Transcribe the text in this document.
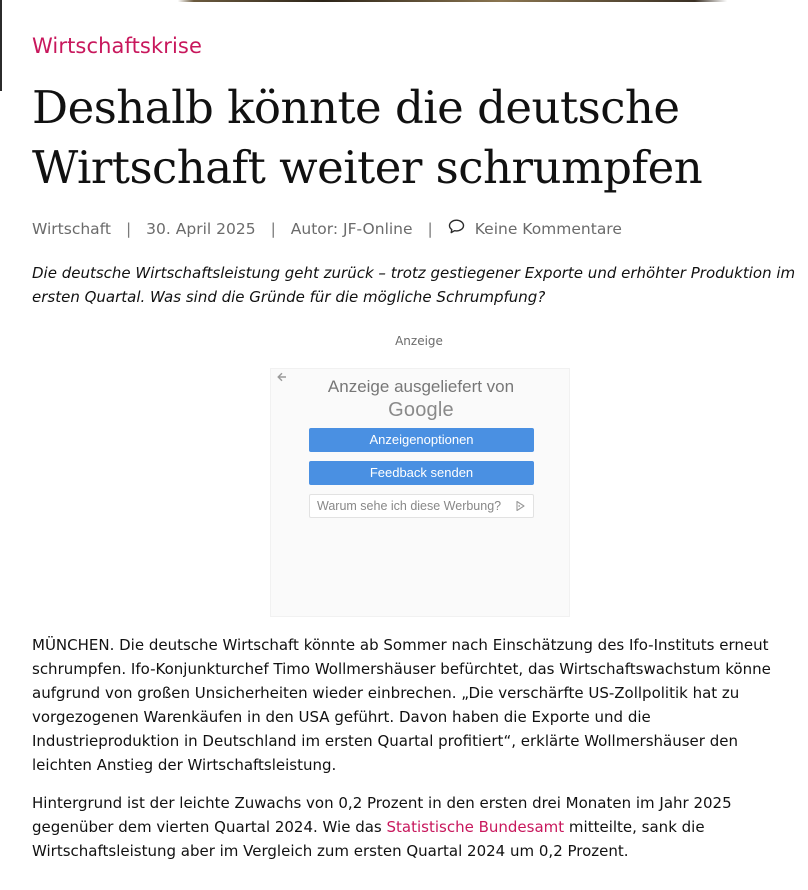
Wirtschaftskrise
Deshalb könnte die deutsche Wirtschaft weiter schrumpfen
Wirtschaft | 30. April 2025 | Autor: JF-Online |	Keine Kommentare

Die deutsche Wirtschaftsleistung geht zurück – trotz gestiegener Exporte und erhöhter Produktion im ersten Quartal. Was sind die Gründe für die mögliche Schrumpfung?

Anzeige
Anzeige ausgeliefert von
Google
Anzeigenoptionen
Feedback senden
Warum sehe ich diese Werbung?

MÜNCHEN. Die deutsche Wirtschaft könnte ab Sommer nach Einschätzung des Ifo-Instituts erneut schrumpfen. Ifo-Konjunkturchef Timo Wollmershäuser befürchtet, das Wirtschaftswachstum könne aufgrund von großen Unsicherheiten wieder einbrechen. „Die verschärfte US-Zollpolitik hat zu vorgezogenen Warenkäufen in den USA geführt. Davon haben die Exporte und die Industrieproduktion in Deutschland im ersten Quartal profitiert“, erklärte Wollmershäuser den leichten Anstieg der Wirtschaftsleistung.

Hintergrund ist der leichte Zuwachs von 0,2 Prozent in den ersten drei Monaten im Jahr 2025 gegenüber dem vierten Quartal 2024. Wie das Statistische Bundesamt mitteilte, sank die Wirtschaftsleistung aber im Vergleich zum ersten Quartal 2024 um 0,2 Prozent.
